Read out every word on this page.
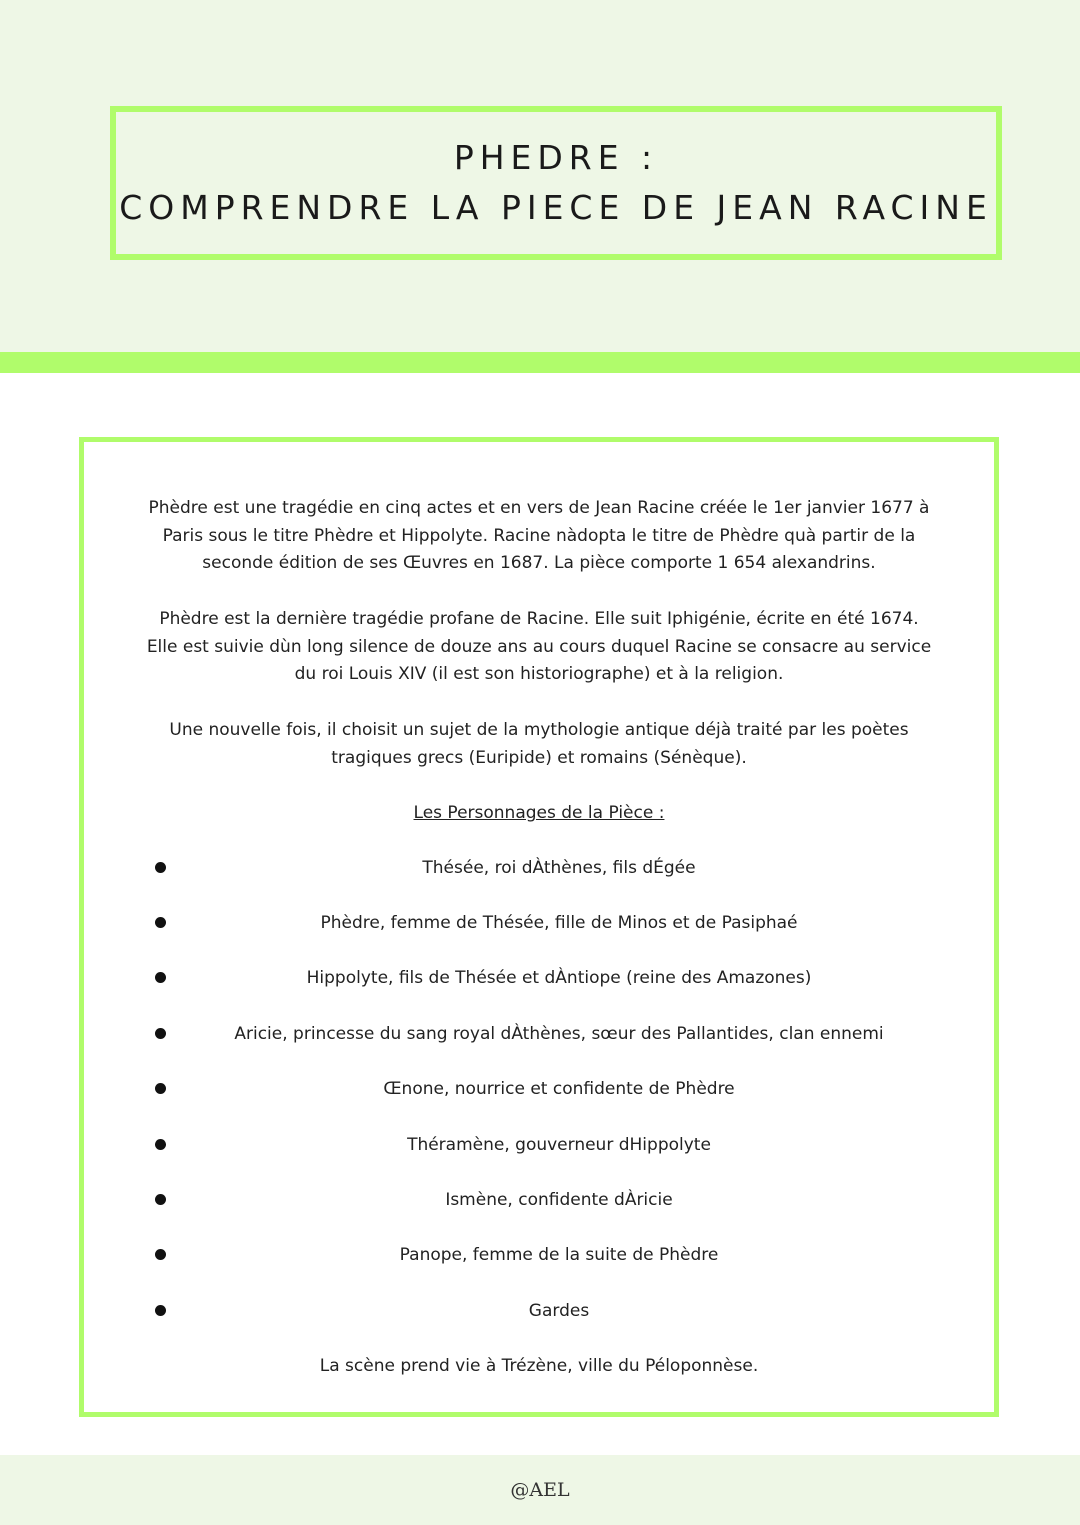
PHEDRE :
COMPRENDRE LA PIECE DE JEAN RACINE

Phèdre est une tragédie en cinq actes et en vers de Jean Racine créée le 1er janvier 1677 à Paris sous le titre Phèdre et Hippolyte. Racine nàdopta le titre de Phèdre quà partir de la seconde édition de ses Œuvres en 1687. La pièce comporte 1 654 alexandrins.

Phèdre est la dernière tragédie profane de Racine. Elle suit Iphigénie, écrite en été 1674. Elle est suivie dùn long silence de douze ans au cours duquel Racine se consacre au service du roi Louis XIV (il est son historiographe) et à la religion.

Une nouvelle fois, il choisit un sujet de la mythologie antique déjà traité par les poètes tragiques grecs (Euripide) et romains (Sénèque).

Les Personnages de la Pièce :
Thésée, roi dÀthènes, fils dÉgée
Phèdre, femme de Thésée, fille de Minos et de Pasiphaé
Hippolyte, fils de Thésée et dÀntiope (reine des Amazones)
Aricie, princesse du sang royal dÀthènes, sœur des Pallantides, clan ennemi
Œnone, nourrice et confidente de Phèdre
Théramène, gouverneur dHippolyte
Ismène, confidente dÀricie
Panope, femme de la suite de Phèdre
Gardes
La scène prend vie à Trézène, ville du Péloponnèse.
@AEL
